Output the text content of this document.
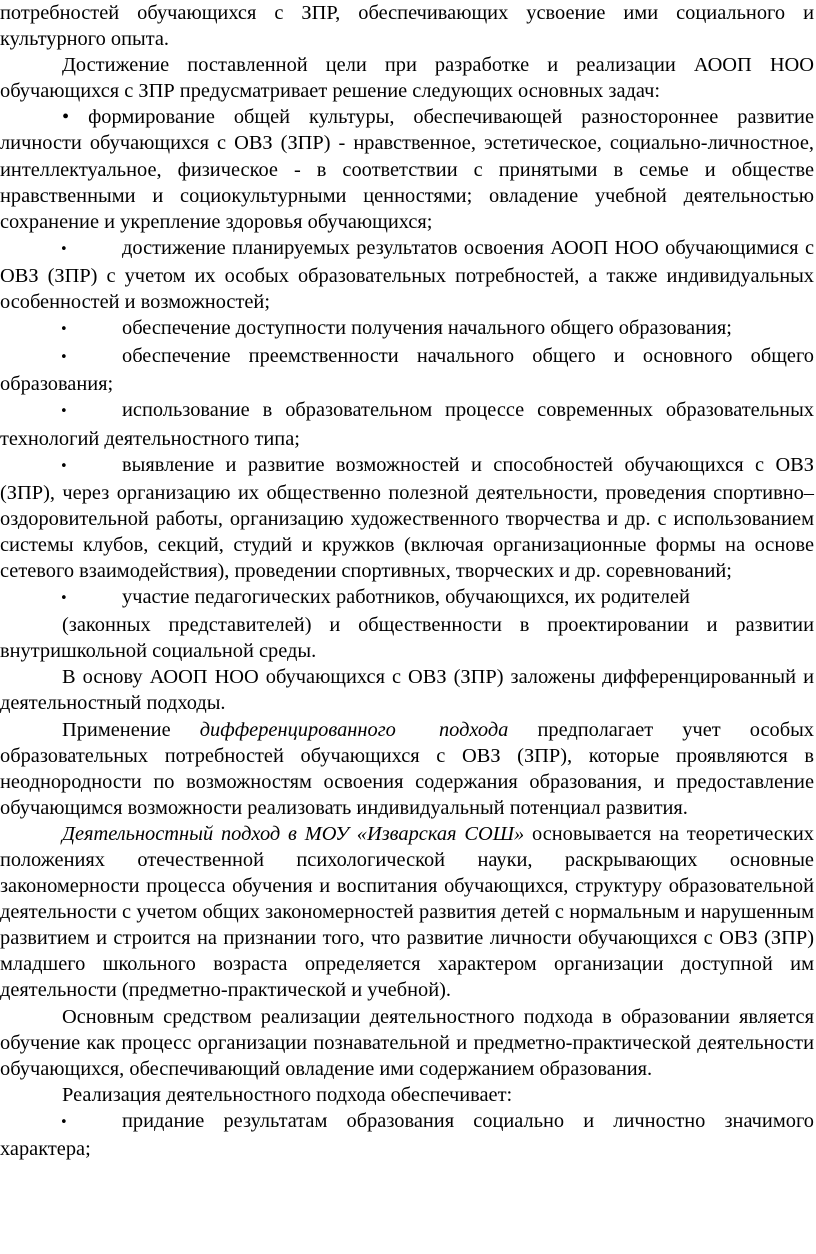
потребностей обучающихся с ЗПР, обеспечивающих усвоение ими социального и культурного опыта.

Достижение поставленной цели при разработке и реализации АООП НОО обучающихся с ЗПР предусматривает решение следующих основных задач:

• формирование общей культуры, обеспечивающей разностороннее развитие личности обучающихся с ОВЗ (ЗПР) - нравственное, эстетическое, социально-личностное, интеллектуальное, физическое - в соответствии с принятыми в семье и обществе нравственными и социокультурными ценностями; овладение учебной деятельностью сохранение и укрепление здоровья обучающихся;

•	достижение планируемых результатов освоения АООП НОО обучающимися с ОВЗ (ЗПР) с учетом их особых образовательных потребностей, а также индивидуальных особенностей и возможностей;

•	обеспечение доступности получения начального общего образования;

•	обеспечение преемственности начального общего и основного общего образования;

•	использование в образовательном процессе современных образовательных технологий деятельностного типа;

•	выявление и развитие возможностей и способностей обучающихся с ОВЗ (ЗПР), через организацию их общественно полезной деятельности, проведения спортивно–оздоровительной работы, организацию художественного творчества и др. с использованием системы клубов, секций, студий и кружков (включая организационные формы на основе сетевого взаимодействия), проведении спортивных, творческих и др. соревнований;

•	участие педагогических работников, обучающихся, их родителей

(законных представителей) и общественности в проектировании и развитии внутришкольной социальной среды.

В основу АООП НОО обучающихся с ОВЗ (ЗПР) заложены дифференцированный и деятельностный подходы.

Применение дифференцированного подхода предполагает учет особых образовательных потребностей обучающихся с ОВЗ (ЗПР), которые проявляются в неоднородности по возможностям освоения содержания образования, и предоставление обучающимся возможности реализовать индивидуальный потенциал развития.

Деятельностный подход в МОУ «Изварская СОШ» основывается на теоретических положениях отечественной психологической науки, раскрывающих основные закономерности процесса обучения и воспитания обучающихся, структуру образовательной деятельности с учетом общих закономерностей развития детей с нормальным и нарушенным развитием и строится на признании того, что развитие личности обучающихся с ОВЗ (ЗПР) младшего школьного возраста определяется характером организации доступной им деятельности (предметно-практической и учебной).

Основным средством реализации деятельностного подхода в образовании является обучение как процесс организации познавательной и предметно-практической деятельности обучающихся, обеспечивающий овладение ими содержанием образования.

Реализация деятельностного подхода обеспечивает:

•	придание результатам образования социально и личностно значимого характера;
